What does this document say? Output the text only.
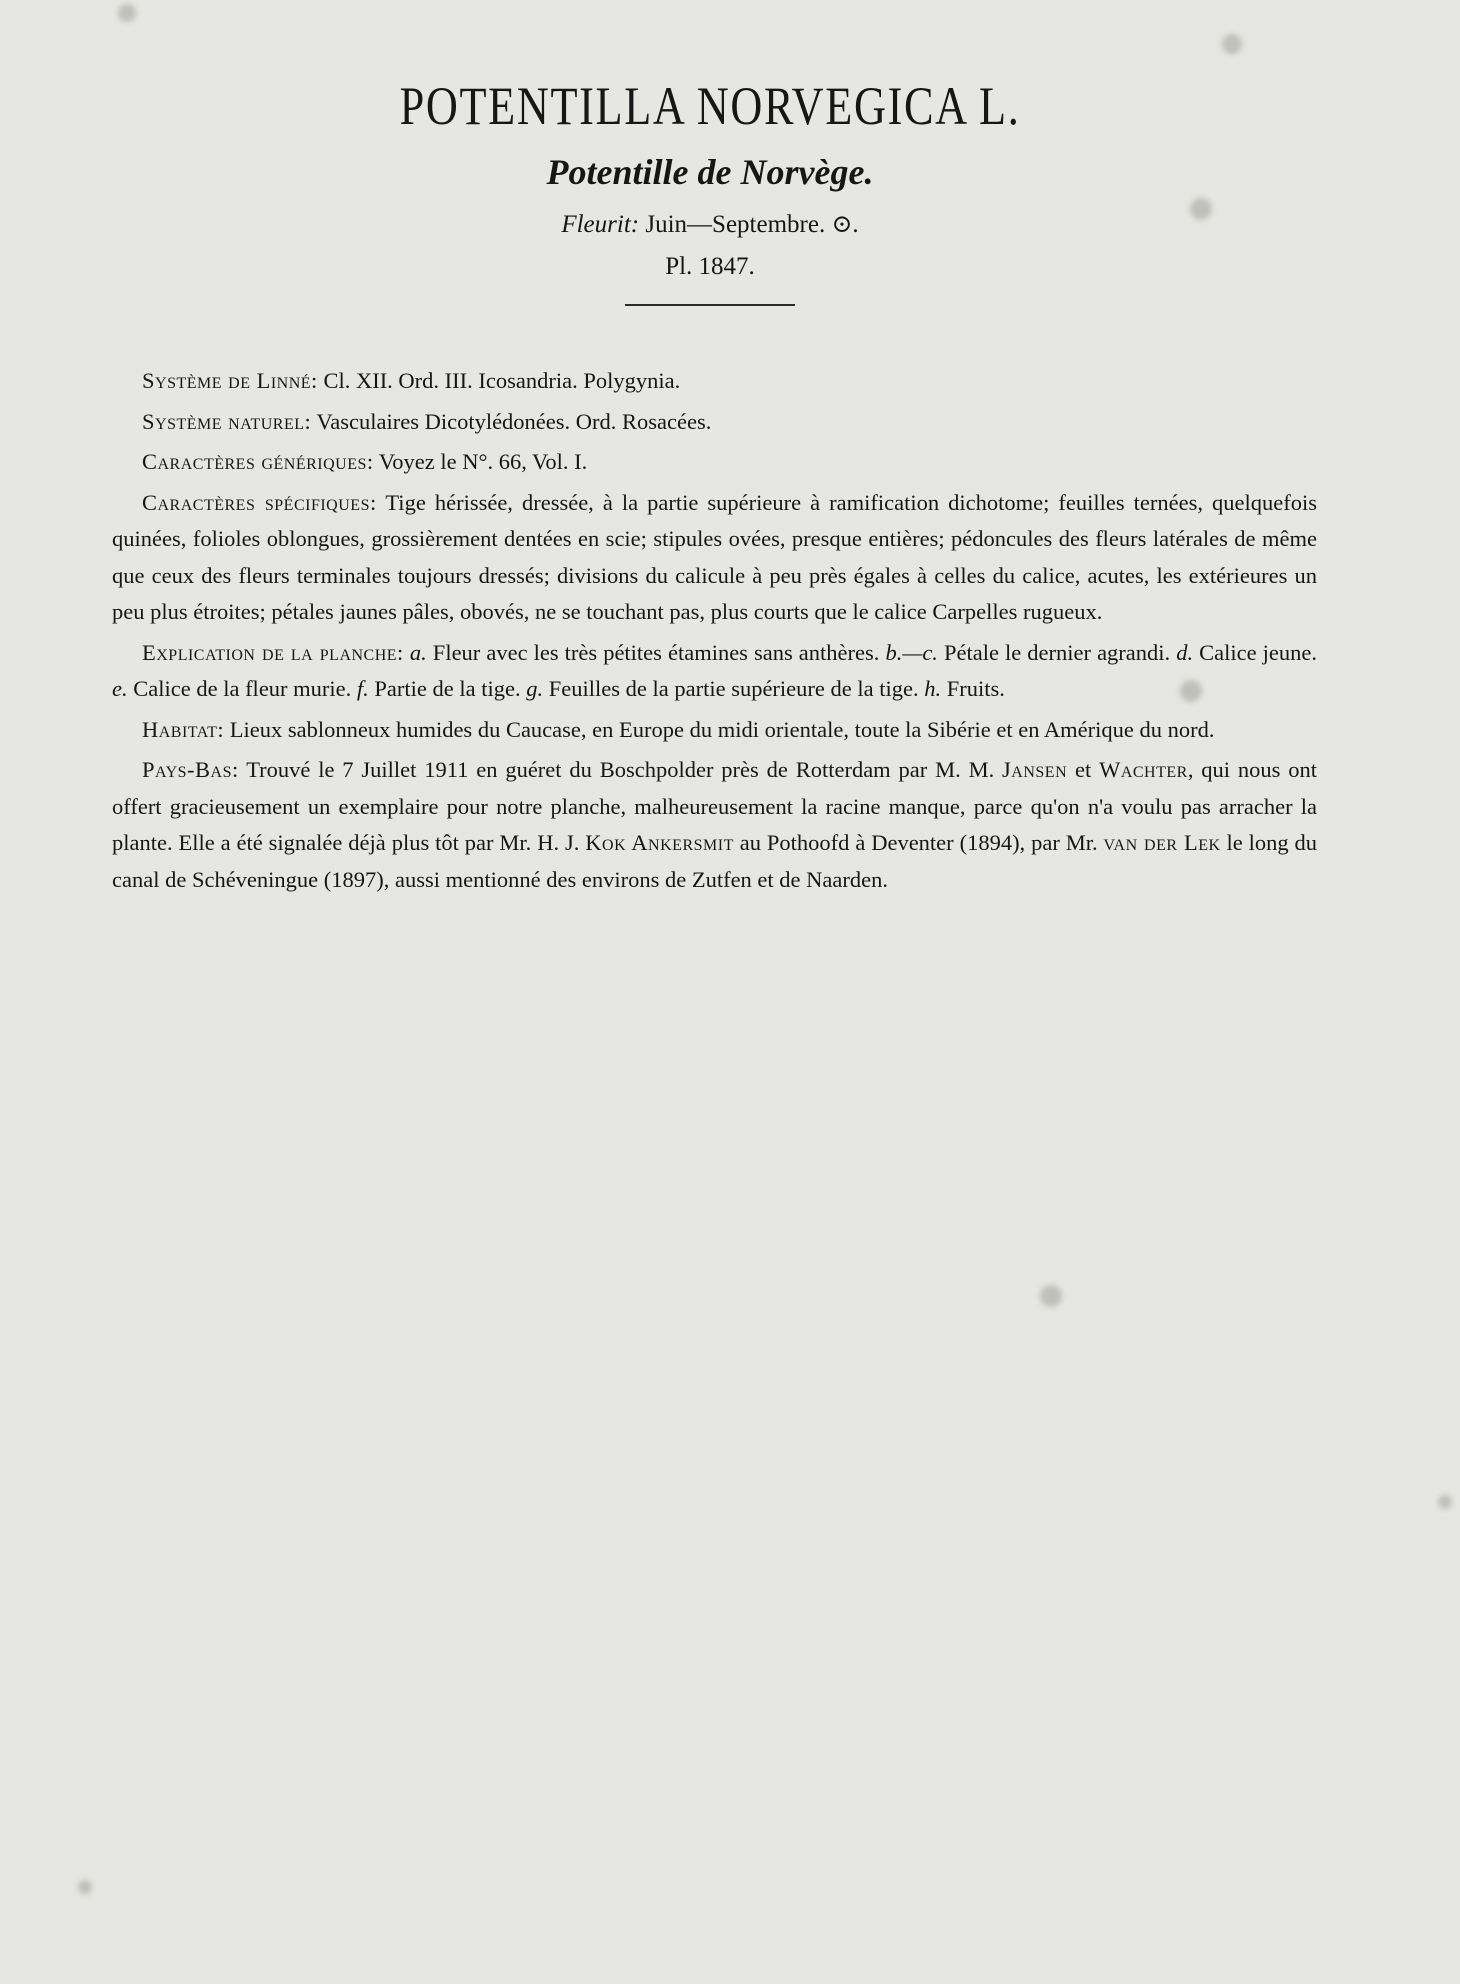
POTENTILLA NORVEGICA L.
Potentille de Norvège.
Fleurit: Juin—Septembre. ⊙.
Pl. 1847.

Système de Linné: Cl. XII. Ord. III. Icosandria. Polygynia.

Système naturel: Vasculaires Dicotylédonées. Ord. Rosacées.

Caractères génériques: Voyez le N°. 66, Vol. I.

Caractères spécifiques: Tige hérissée, dressée, à la partie supérieure à ramification dichotome; feuilles ternées, quelquefois quinées, folioles oblongues, grossièrement dentées en scie; stipules ovées, presque entières; pédoncules des fleurs latérales de même que ceux des fleurs terminales toujours dressés; divisions du calicule à peu près égales à celles du calice, acutes, les extérieures un peu plus étroites; pétales jaunes pâles, obovés, ne se touchant pas, plus courts que le calice Carpelles rugueux.

Explication de la planche: a. Fleur avec les très pétites étamines sans anthères. b.—c. Pétale le dernier agrandi. d. Calice jeune. e. Calice de la fleur murie. f. Partie de la tige. g. Feuilles de la partie supérieure de la tige. h. Fruits.

Habitat: Lieux sablonneux humides du Caucase, en Europe du midi orientale, toute la Sibérie et en Amérique du nord.

Pays-Bas: Trouvé le 7 Juillet 1911 en guéret du Boschpolder près de Rotterdam par M. M. Jansen et Wachter, qui nous ont offert gracieusement un exemplaire pour notre planche, malheureusement la racine manque, parce qu'on n'a voulu pas arracher la plante. Elle a été signalée déjà plus tôt par Mr. H. J. Kok Ankersmit au Pothoofd à Deventer (1894), par Mr. van der Lek le long du canal de Schéveningue (1897), aussi mentionné des environs de Zutfen et de Naarden.
